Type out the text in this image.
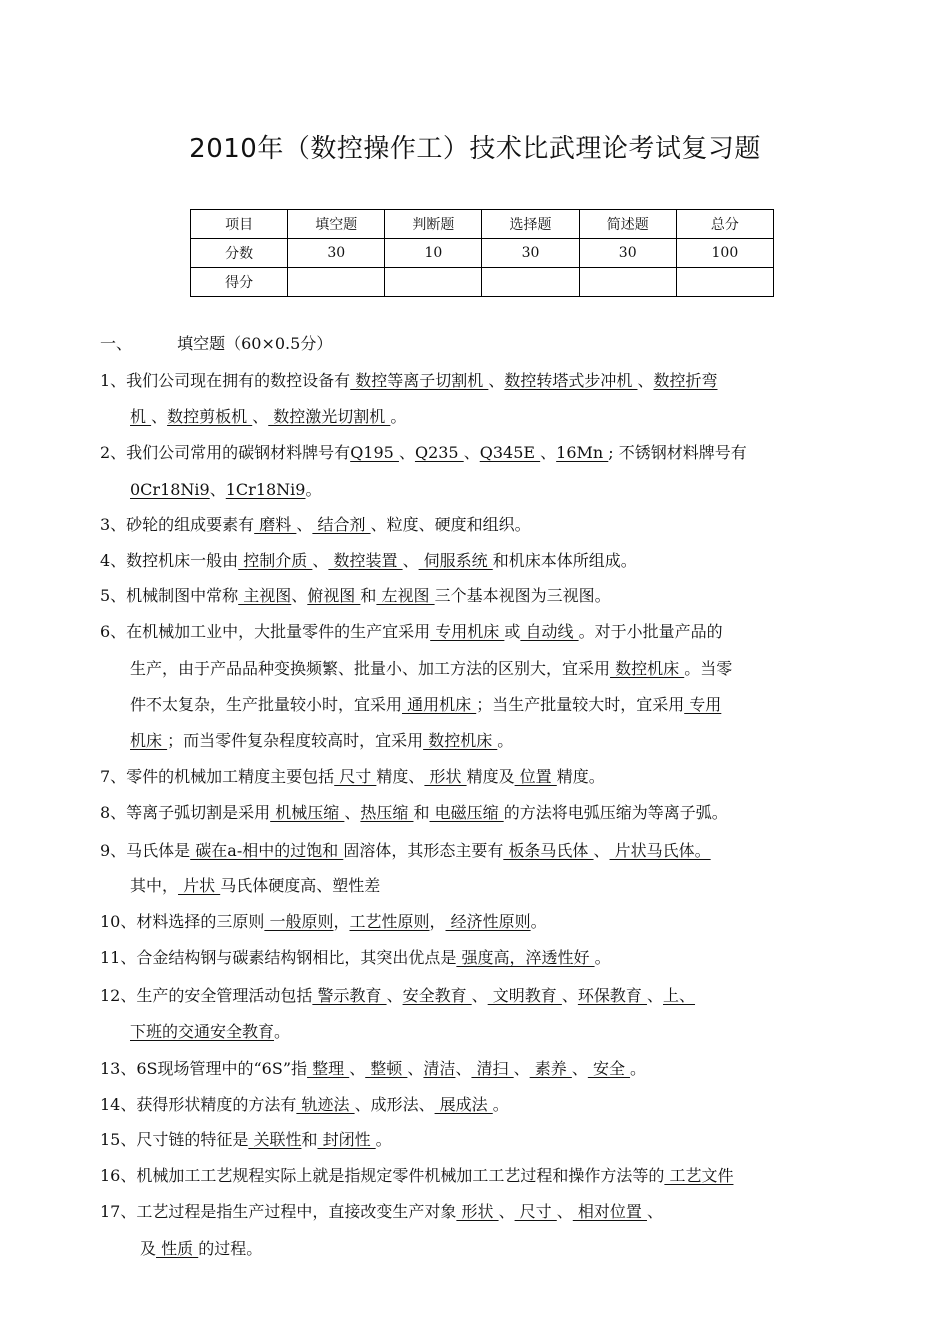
2010年（数控操作工）技术比武理论考试复习题
项目	填空题	判断题	选择题	简述题	总分
分数	30	10	30	30	100
得分					
一、	填空题（60×0.5分）
1、我们公司现在拥有的数控设备有 数控等离子切割机 、数控转塔式步冲机 、数控折弯
机 、数控剪板机 、 数控激光切割机 。
2、我们公司常用的碳钢材料牌号有Q195 、Q235 、Q345E 、16Mn ; 不锈钢材料牌号有
0Cr18Ni9、1Cr18Ni9。
3、砂轮的组成要素有 磨料 、 结合剂 、粒度、硬度和组织。
4、数控机床一般由 控制介质 、 数控装置 、 伺服系统 和机床本体所组成。
5、机械制图中常称 主视图、俯视图 和 左视图 三个基本视图为三视图。
6、在机械加工业中，大批量零件的生产宜采用 专用机床 或 自动线 。对于小批量产品的
生产，由于产品品种变换频繁、批量小、加工方法的区别大，宜采用 数控机床 。当零
件不太复杂，生产批量较小时，宜采用 通用机床 ；当生产批量较大时，宜采用 专用
机床 ；而当零件复杂程度较高时，宜采用 数控机床 。
7、零件的机械加工精度主要包括 尺寸 精度、 形状 精度及 位置 精度。
8、等离子弧切割是采用 机械压缩 、热压缩 和 电磁压缩 的方法将电弧压缩为等离子弧。
9、马氏体是 碳在a-相中的过饱和 固溶体，其形态主要有 板条马氏体 、 片状马氏体。
其中， 片状 马氏体硬度高、塑性差
10、材料选择的三原则 一般原则，工艺性原则， 经济性原则。
11、合金结构钢与碳素结构钢相比，其突出优点是 强度高，淬透性好 。
12、生产的安全管理活动包括 警示教育 、安全教育 、 文明教育 、环保教育 、上、
下班的交通安全教育。
13、6S现场管理中的“6S”指 整理 、 整顿 、清洁、 清扫 、 素养 、 安全 。
14、获得形状精度的方法有 轨迹法 、成形法、 展成法 。
15、尺寸链的特征是 关联性和 封闭性 。
16、机械加工工艺规程实际上就是指规定零件机械加工工艺过程和操作方法等的 工艺文件
17、工艺过程是指生产过程中，直接改变生产对象 形状 、 尺寸 、 相对位置 、
及 性质 的过程。
